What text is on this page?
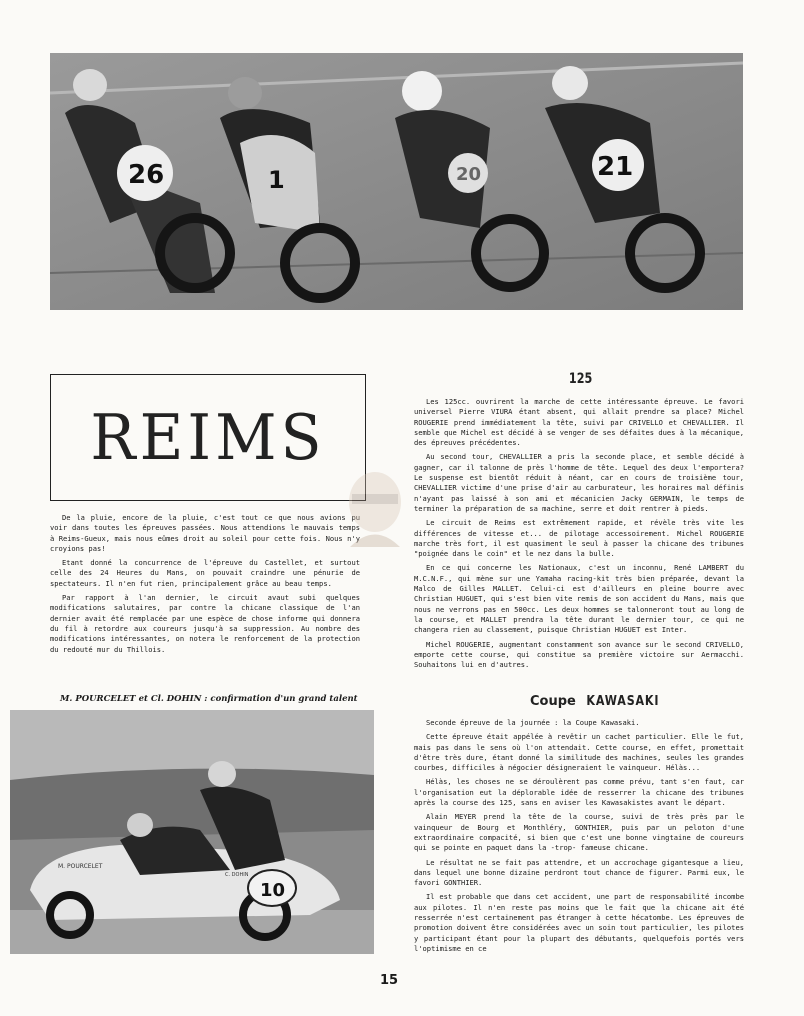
26	1	20	21
REIMS

De la pluie, encore de la pluie, c'est tout ce que nous avions pu voir dans toutes les épreuves passées. Nous attendions le mauvais temps à Reims-Gueux, mais nous eûmes droit au soleil pour cette fois. Nous n'y croyions pas!

Etant donné la concurrence de l'épreuve du Castellet, et surtout celle des 24 Heures du Mans, on pouvait craindre une pénurie de spectateurs. Il n'en fut rien, principalement grâce au beau temps.

Par rapport à l'an dernier, le circuit avaut subi quelques modifications salutaires, par contre la chicane classique de l'an dernier avait été remplacée par une espèce de chose informe qui donnera du fil à retordre aux coureurs jusqu'à sa suppression. Au nombre des modifications intéressantes, on notera le renforcement de la protection du redouté mur du Thillois.

125

Les 125cc. ouvrirent la marche de cette intéressante épreuve. Le favori universel Pierre VIURA étant absent, qui allait prendre sa place? Michel ROUGERIE prend immédiatement la tête, suivi par CRIVELLO et CHEVALLIER. Il semble que Michel est décidé à se venger de ses défaites dues à la mécanique, des épreuves précédentes.

Au second tour, CHEVALLIER a pris la seconde place, et semble décidé à gagner, car il talonne de près l'homme de tête. Lequel des deux l'emportera? Le suspense est bientôt réduit à néant, car en cours de troisième tour, CHEVALLIER victime d'une prise d'air au carburateur, les horaires mal définis n'ayant pas laissé à son ami et mécanicien Jacky GERMAIN, le temps de terminer la préparation de sa machine, serre et doit rentrer à pieds.

Le circuit de Reims est extrêmement rapide, et révèle très vite les différences de vitesse et... de pilotage accessoirement. Michel ROUGERIE marche très fort, il est quasiment le seul à passer la chicane des tribunes "poignée dans le coin" et le nez dans la bulle.

En ce qui concerne les Nationaux, c'est un inconnu, René LAMBERT du M.C.N.F., qui mène sur une Yamaha racing-kit très bien préparée, devant la Malco de Gilles MALLET. Celui-ci est d'ailleurs en pleine bourre avec Christian HUGUET, qui s'est bien vite remis de son accident du Mans, mais que nous ne verrons pas en 500cc. Les deux hommes se talonneront tout au long de la course, et MALLET prendra la tête durant le dernier tour, ce qui ne changera rien au classement, puisque Christian HUGUET est Inter.

Michel ROUGERIE, augmentant constamment son avance sur le second CRIVELLO, emporte cette course, qui constitue sa première victoire sur Aermacchi. Souhaitons lui en d'autres.

M. POURCELET et Cl. DOHIN : confirmation d'un grand talent
M. POURCELET
C. DOHIN
10
Coupe KAWASAKI

Seconde épreuve de la journée : la Coupe Kawasaki.

Cette épreuve était appélée à revêtir un cachet particulier. Elle le fut, mais pas dans le sens où l'on attendait. Cette course, en effet, promettait d'être très dure, étant donné la similitude des machines, seules les grandes courbes, difficiles à négocier désigneraient le vainqueur. Hélàs...

Hélàs, les choses ne se déroulèrent pas comme prévu, tant s'en faut, car l'organisation eut la déplorable idée de resserrer la chicane des tribunes après la course des 125, sans en aviser les Kawasakistes avant le départ.

Alain MEYER prend la tête de la course, suivi de très près par le vainqueur de Bourg et Monthléry, GONTHIER, puis par un peloton d'une extraordinaire compacité, si bien que c'est une bonne vingtaine de coureurs qui se pointe en paquet dans la -trop- fameuse chicane.

Le résultat ne se fait pas attendre, et un accrochage gigantesque a lieu, dans lequel une bonne dizaine perdront tout chance de figurer. Parmi eux, le favori GONTHIER.

Il est probable que dans cet accident, une part de responsabilité incombe aux pilotes. Il n'en reste pas moins que le fait que la chicane ait été resserrée n'est certainement pas étranger à cette hécatombe. Les épreuves de promotion doivent être considérées avec un soin tout particulier, les pilotes y participant étant pour la plupart des débutants, quelquefois portés vers l'optimisme en ce

15
